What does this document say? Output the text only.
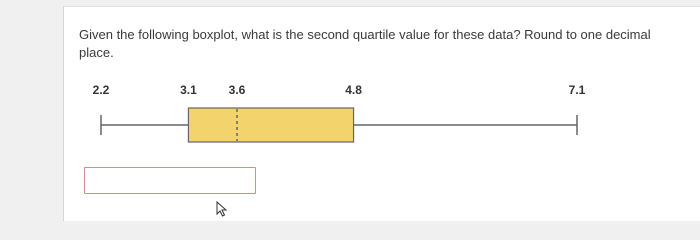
Given the following boxplot, what is the second quartile value for these data? Round to one decimal place.

2.2	3.1	3.6	4.8	7.1
